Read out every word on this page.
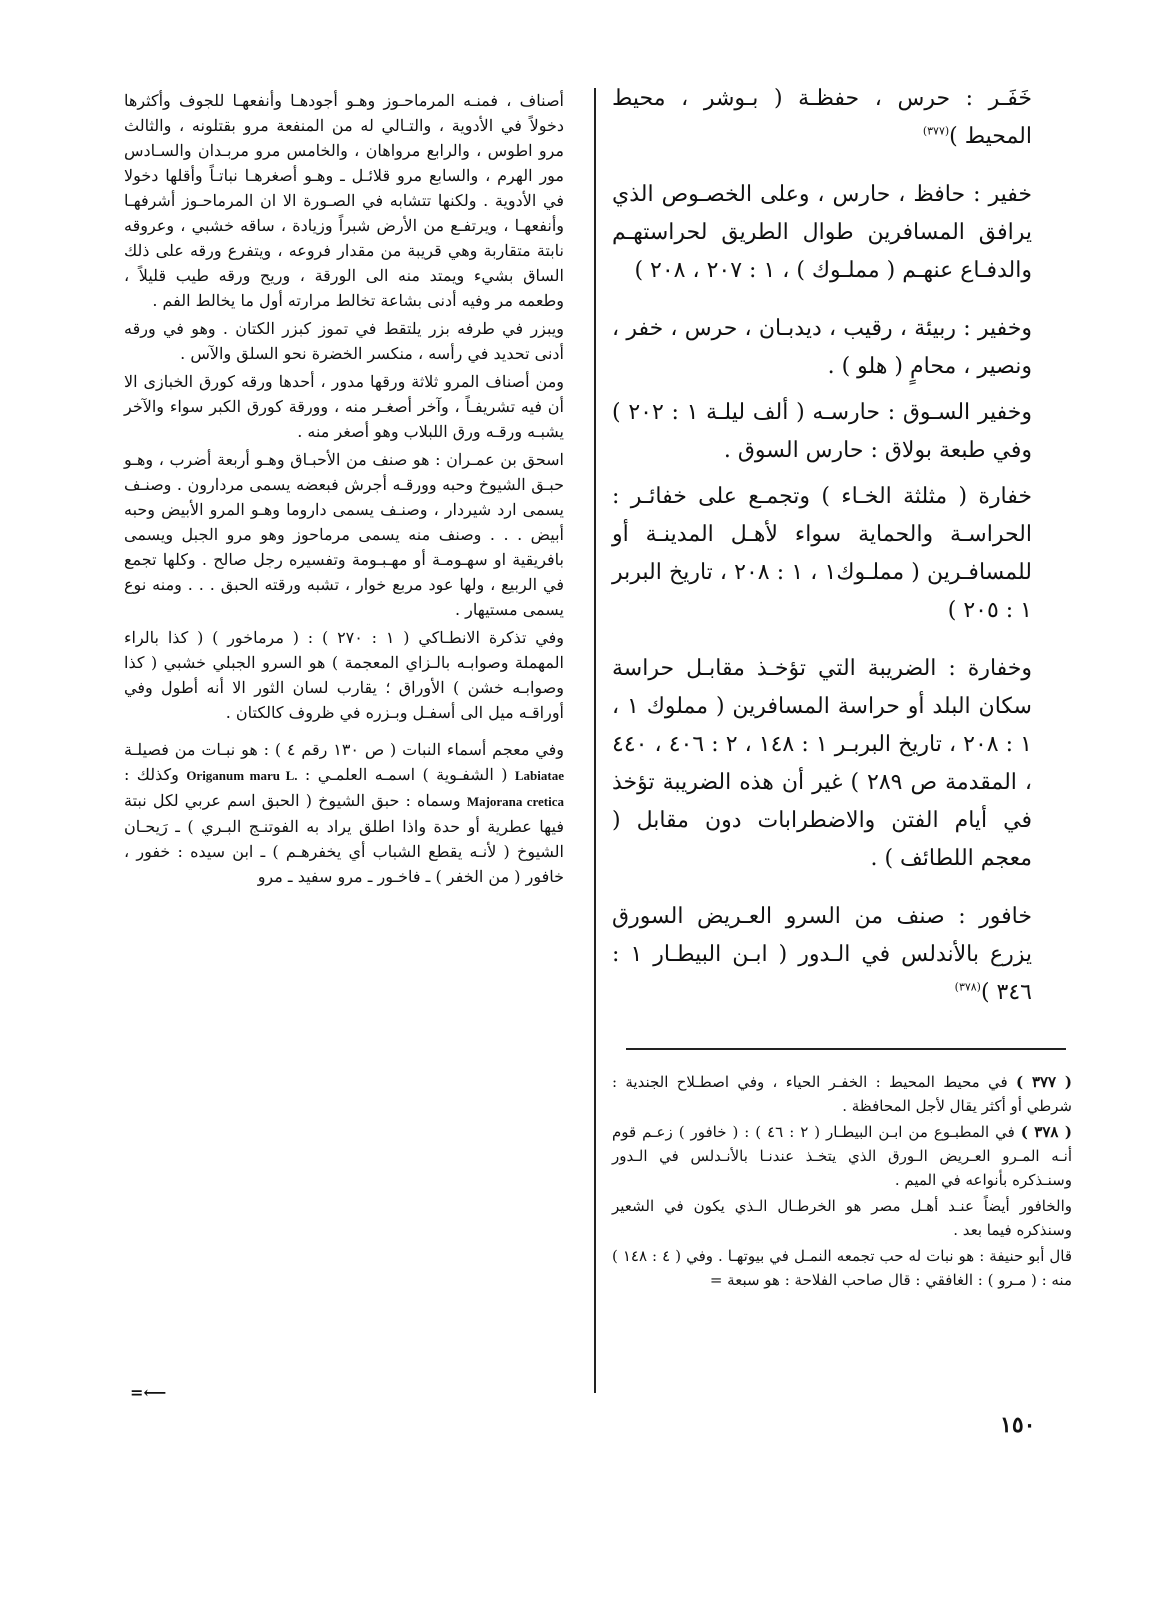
خَفَـر : حرس ، حفظـة ( بـوشر ، محيط المحيط )$^{(٣٧٧)}$

خفير : حافظ ، حارس ، وعلى الخصـوص الذي يرافق المسافرين طوال الطريق لحراستهـم والدفـاع عنهـم ( مملـوك ) ، ١ : ٢٠٧ ، ٢٠٨ )

وخفير : ربيئة ، رقيب ، ديدبـان ، حرس ، خفر ، ونصير ، محامٍ ( هلو ) .

وخفير السـوق : حارسـه ( ألف ليلـة ١ : ٢٠٢ ) وفي طبعة بولاق : حارس السوق .

خفارة ( مثلثة الخـاء ) وتجمـع على خفائـر : الحراسـة والحماية سواء لأهـل المدينـة أو للمسافـرين ( مملـوك١ ، ١ : ٢٠٨ ، تاريخ البربر ١ : ٢٠٥ )

وخفارة : الضريبة التي تؤخـذ مقابـل حراسة سكان البلد أو حراسة المسافرين ( مملوك ١ ، ١ : ٢٠٨ ، تاريخ البربـر ١ : ١٤٨ ، ٢ : ٤٠٦ ، ٤٤٠ ، المقدمة ص ٢٨٩ ) غير أن هذه الضريبة تؤخذ في أيام الفتن والاضطرابات دون مقابل ( معجم اللطائف ) .

خافور : صنف من السرو العـريض السورق يزرع بالأندلس في الـدور ( ابـن البيطـار ١ : ٣٤٦ )$^{(٣٧٨)}$

( ٣٧٧ ) في محيط المحيط : الخفـر الحياء ، وفي اصطـلاح الجندية : شرطي أو أكثر يقال لأجل المحافظة .

( ٣٧٨ ) في المطبـوع من ابـن البيطـار ( ٢ : ٤٦ ) : ( خافور ) زعـم قوم أنـه المـرو العـريض الـورق الذي يتخـذ عندنـا بالأنـدلس في الـدور وسنـذكره بأنواعه في الميم .

والخافور أيضاً عنـد أهـل مصر هو الخرطـال الـذي يكون في الشعير وسنذكره فيما بعد .

قال أبو حنيفة : هو نبات له حب تجمعه النمـل في بيوتهـا . وفي ( ٤ : ١٤٨ ) منه : ( مـرو ) : الغافقي : قال صاحب الفلاحة : هو سبعة =

أصناف ، فمنـه المرماحـوز وهـو أجودهـا وأنفعهـا للجوف وأكثرها دخولاً في الأدوية ، والتـالي له من المنفعة مرو بقتلونه ، والثالث مرو اطوس ، والرابع مرواهان ، والخامس مرو مربـدان والسـادس مور الهرم ، والسابع مرو قلائـل ـ وهـو أصغرهـا نباتـاً وأقلها دخولا في الأدوية . ولكنها تتشابه في الصـورة الا ان المرماحـوز أشرفهـا وأنفعهـا ، ويرتفـع من الأرض شبراً وزيادة ، ساقه خشبي ، وعروقه نابتة متقاربة وهي قريبة من مقدار فروعه ، ويتفرع ورقه على ذلك الساق بشيء ويمتد منه الى الورقة ، وريح ورقه طيب قليلاً ، وطعمه مر وفيه أدنى بشاعة تخالط مرارته أول ما يخالط الفم .

ويبزر في طرفه بزر يلتقط في تموز كبزر الكتان . وهو في ورقه أدنى تحديد في رأسه ، منكسر الخضرة نحو السلق والآس .

ومن أصناف المرو ثلاثة ورقها مدور ، أحدها ورقه كورق الخبازى الا أن فيه تشريفـاً ، وآخر أصغـر منه ، وورقة كورق الكبر سواء والآخر يشبـه ورقـه ورق اللبلاب وهو أصغر منه .

اسحق بن عمـران : هو صنف من الأحبـاق وهـو أربعة أضرب ، وهـو حبـق الشيوخ وحبه وورقـه أجرش فبعضه يسمى مردارون . وصنـف يسمى ارد شيردار ، وصنـف يسمى داروما وهـو المرو الأبيض وحبه أبيض . . . وصنف منه يسمى مرماحوز وهو مرو الجبل ويسمى بافريقية او سهـومـة أو مهـبـومة وتفسيره رجل صالح . وكلها تجمع في الربيع ، ولها عود مربع خوار ، تشبه ورقته الحبق . . . ومنه نوع يسمى مستيهار .

وفي تذكرة الانطـاكي ( ١ : ٢٧٠ ) : ( مرماخور ) ( كذا بالراء المهملة وصوابـه بالـزاي المعجمة ) هو السرو الجبلي خشبي ( كذا وصوابـه خشن ) الأوراق ؛ يقارب لسان الثور الا أنه أطول وفي أوراقـه ميل الى أسفـل وبـزره في ظروف كالكتان .

وفي معجم أسماء النبات ( ص ١٣٠ رقم ٤ ) : هو نبـات من فصيلـة Labiatae ( الشفـوية ) اسمـه العلمـي : Origanum maru L. وكذلك : Majorana cretica وسماه : حبق الشيوخ ( الحبق اسم عربي لكل نبتة فيها عطرية أو حدة واذا اطلق يراد به الفوتنـج البـري ) ـ رَيحـان الشيوخ ( لأنـه يقطع الشباب أي يخفرهـم ) ـ ابن سيده : خفور ، خافور ( من الخفر ) ـ فاخـور ـ مرو سفيد ـ مرو

=⟵
١٥٠
